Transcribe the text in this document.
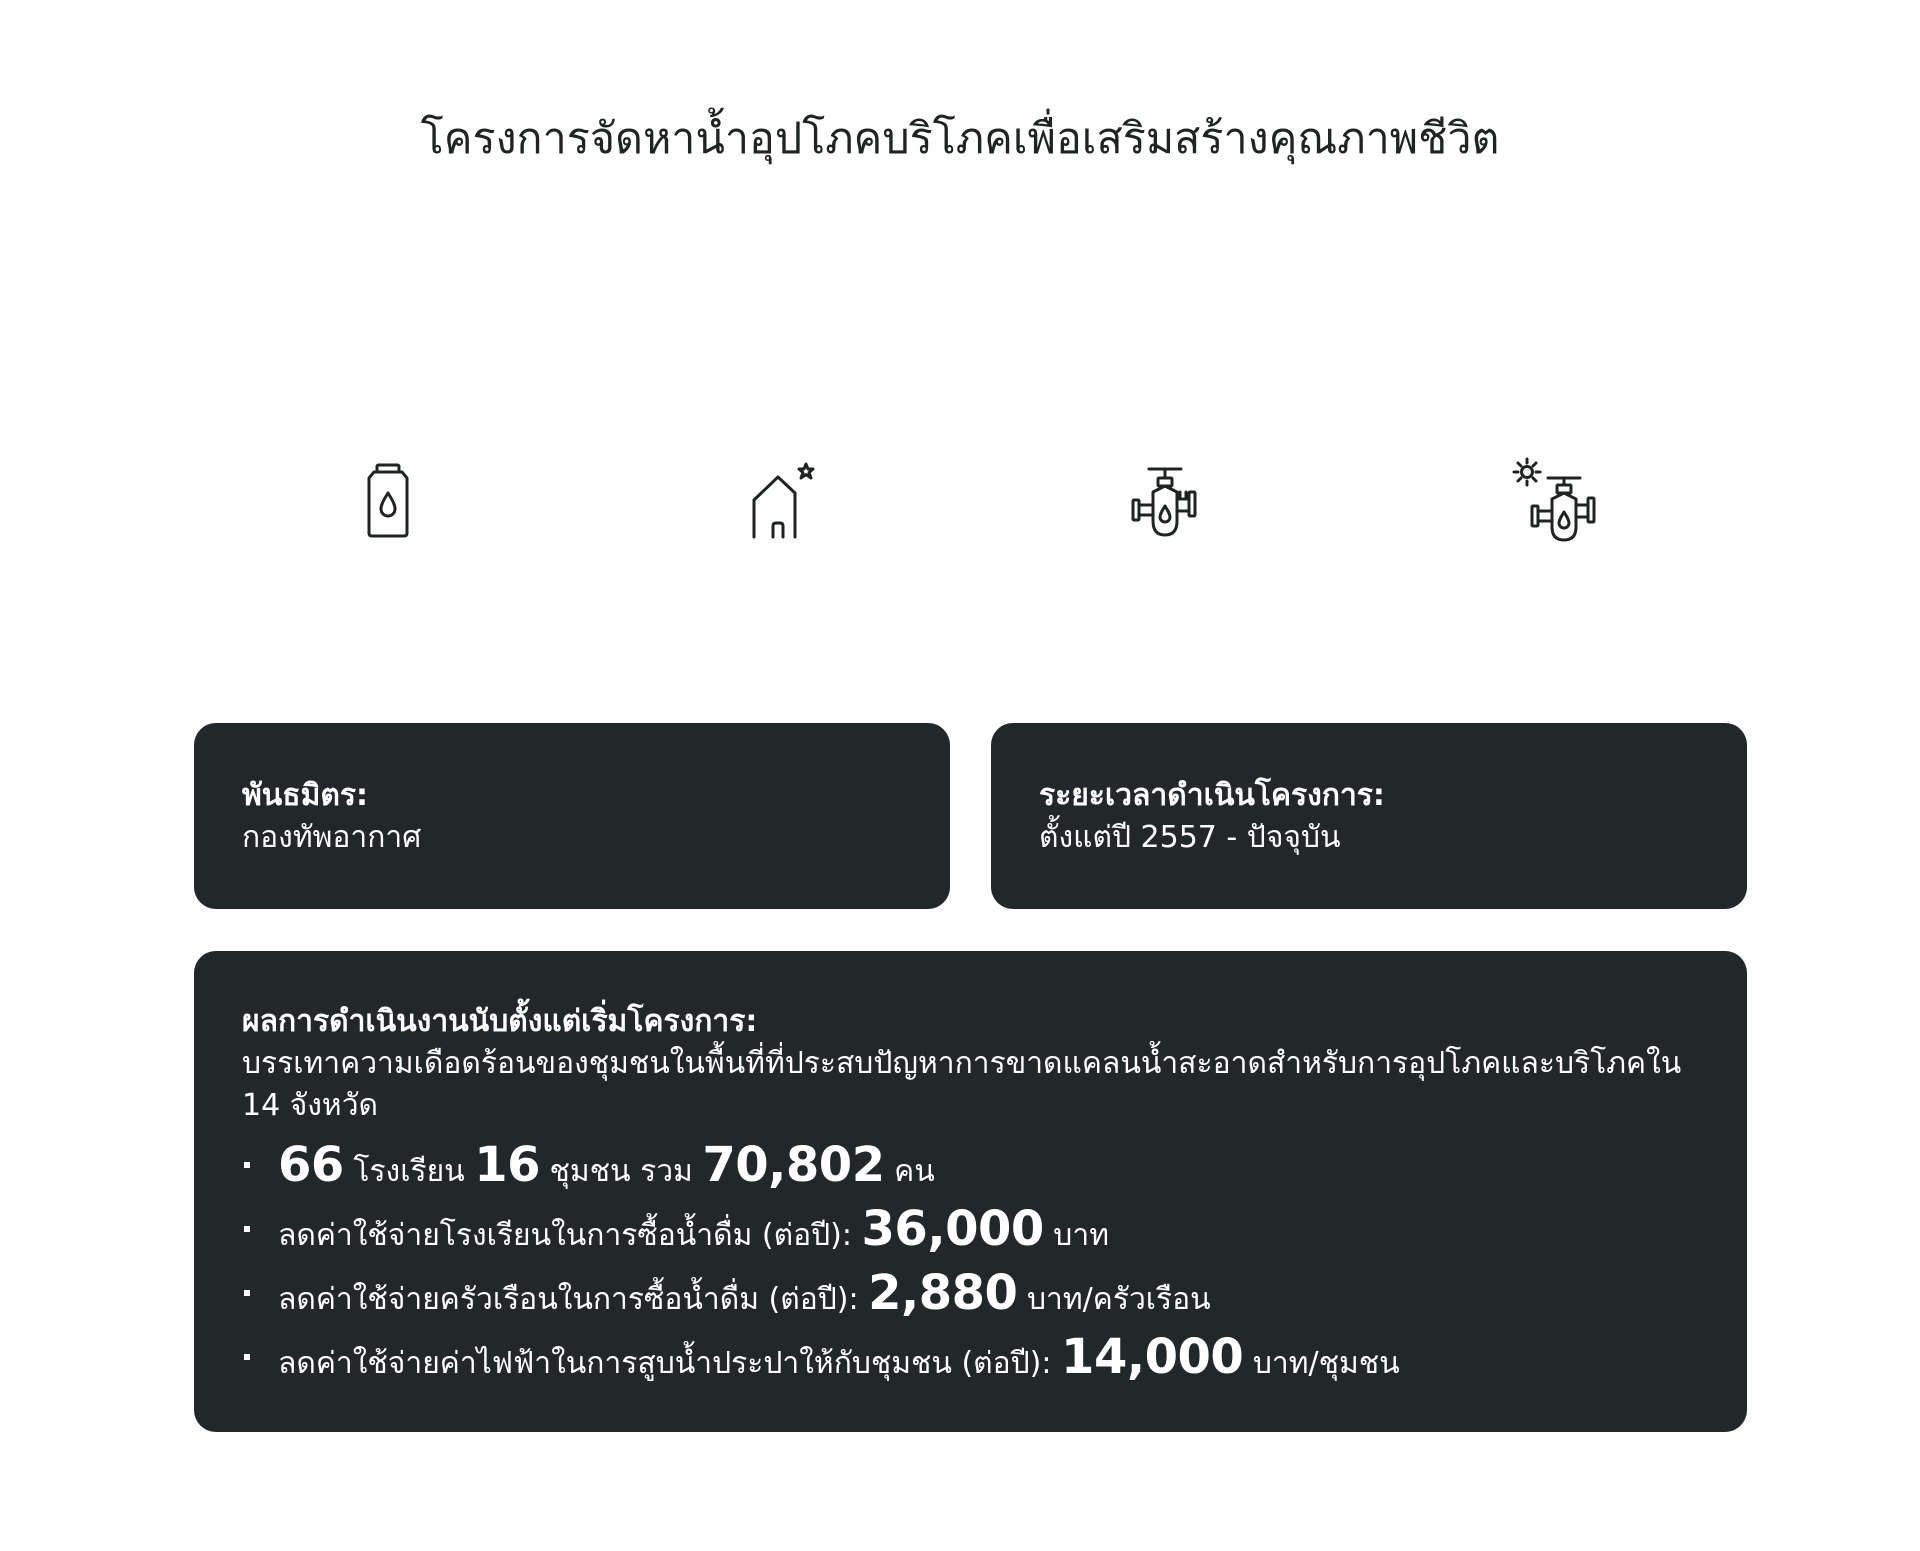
โครงการจัดหาน้ำอุปโภคบริโภคเพื่อเสริมสร้างคุณภาพชีวิต
พันธมิตร:
กองทัพอากาศ
ระยะเวลาดำเนินโครงการ:
ตั้งแต่ปี 2557 - ปัจจุบัน
ผลการดำเนินงานนับตั้งแต่เริ่มโครงการ:
บรรเทาความเดือดร้อนของชุมชนในพื้นที่ที่ประสบปัญหาการขาดแคลนน้ำสะอาดสำหรับการอุปโภคและบริโภคใน 14 จังหวัด
66 โรงเรียน 16 ชุมชน รวม 70,802 คน
ลดค่าใช้จ่ายโรงเรียนในการซื้อน้ำดื่ม (ต่อปี): 36,000 บาท
ลดค่าใช้จ่ายครัวเรือนในการซื้อน้ำดื่ม (ต่อปี): 2,880 บาท/ครัวเรือน
ลดค่าใช้จ่ายค่าไฟฟ้าในการสูบน้ำประปาให้กับชุมชน (ต่อปี): 14,000 บาท/ชุมชน
